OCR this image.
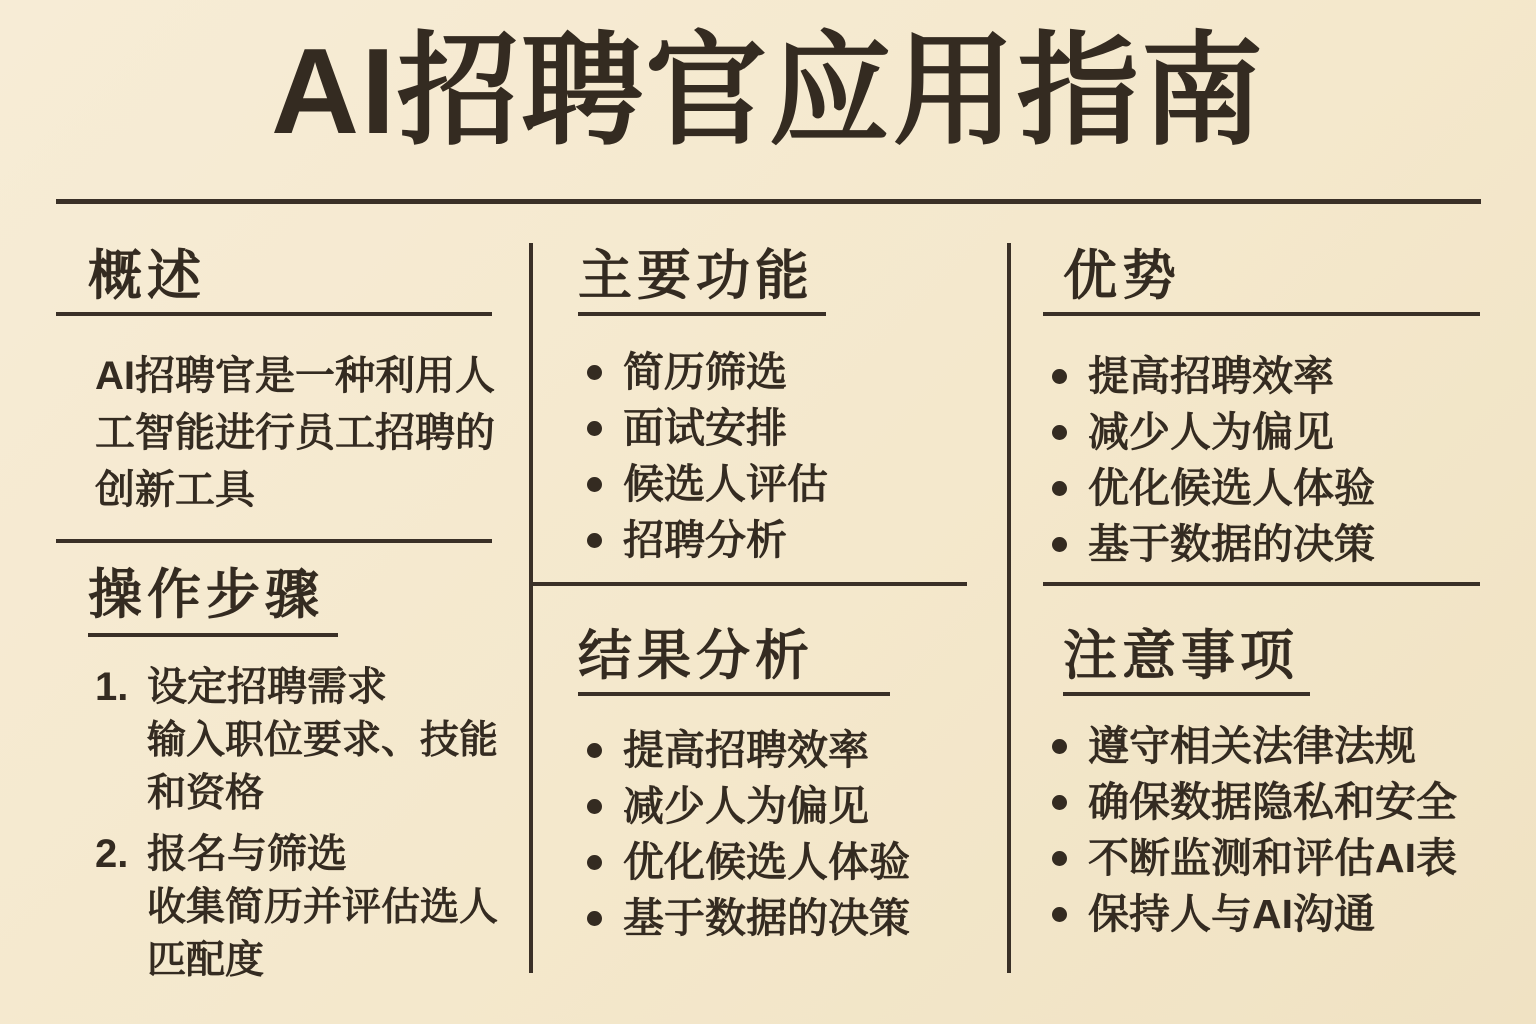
AI招聘官应用指南
概述
AI招聘官是一种利用人工智能进行员工招聘的创新工具
操作步骤
1. 设定招聘需求
输入职位要求、技能和资格
2. 报名与筛选
收集简历并评估选人匹配度
主要功能
简历筛选
面试安排
候选人评估
招聘分析
结果分析
提高招聘效率
减少人为偏见
优化候选人体验
基于数据的决策
优势
提高招聘效率
减少人为偏见
优化候选人体验
基于数据的决策
注意事项
遵守相关法律法规
确保数据隐私和安全
不断监测和评估AI表
保持人与AI沟通
